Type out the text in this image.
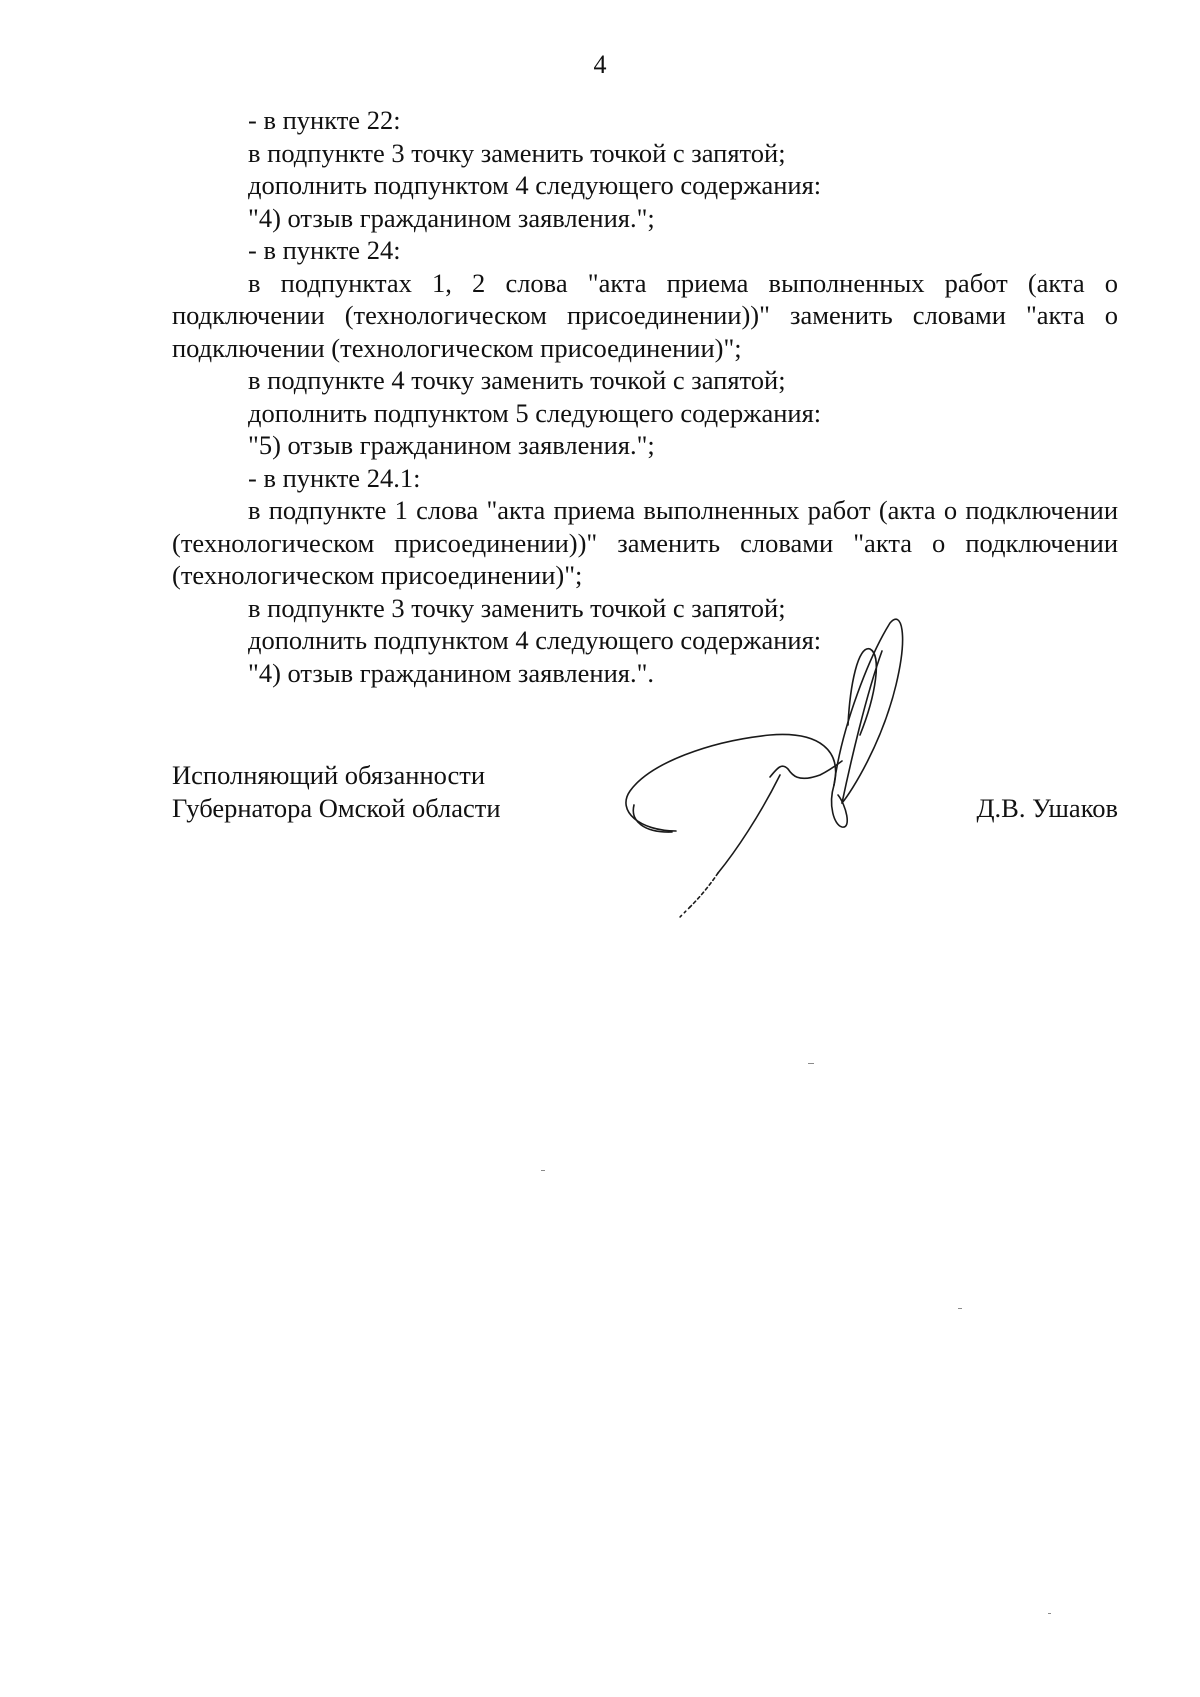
4

- в пункте 22:

в подпункте 3 точку заменить точкой с запятой;

дополнить подпунктом 4 следующего содержания:

"4) отзыв гражданином заявления.";

- в пункте 24:

в подпунктах 1, 2 слова "акта приема выполненных работ (акта о подключении (технологическом присоединении))" заменить словами "акта о подключении (технологическом присоединении)";

в подпункте 4 точку заменить точкой с запятой;

дополнить подпунктом 5 следующего содержания:

"5) отзыв гражданином заявления.";

- в пункте 24.1:

в подпункте 1 слова "акта приема выполненных работ (акта о подключении (технологическом присоединении))" заменить словами "акта о подключении (технологическом присоединении)";

в подпункте 3 точку заменить точкой с запятой;

дополнить подпунктом 4 следующего содержания:

"4) отзыв гражданином заявления.".

Исполняющий обязанности
Губернатора Омской области	Д.В. Ушаков
